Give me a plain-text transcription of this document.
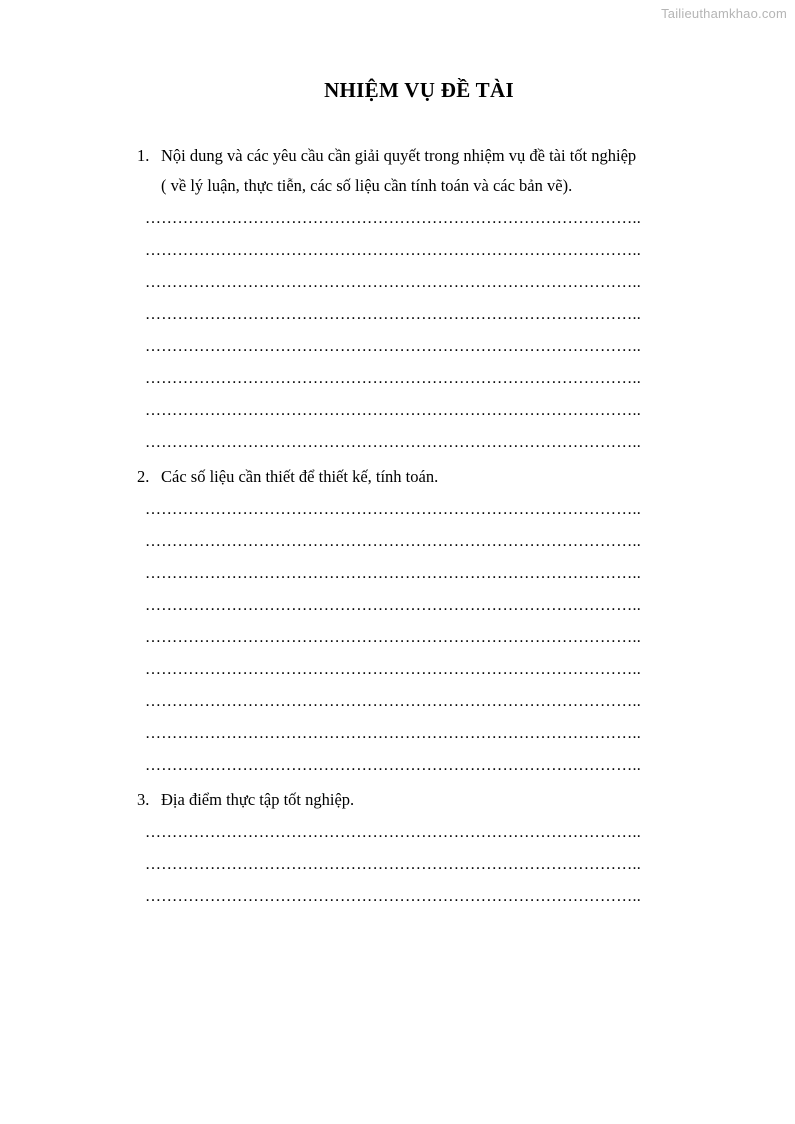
Tailieuthamkhao.com
NHIỆM VỤ ĐỀ TÀI
1. Nội dung và các yêu cầu cần giải quyết trong nhiệm vụ đề tài tốt nghiệp
( về lý luận, thực tiễn, các số liệu cần tính toán và các bản vẽ).
………………………………………………………………………………..
………………………………………………………………………………..
………………………………………………………………………………..
………………………………………………………………………………..
………………………………………………………………………………..
………………………………………………………………………………..
………………………………………………………………………………..
………………………………………………………………………………..
2. Các số liệu cần thiết để thiết kế, tính toán.
………………………………………………………………………………..
………………………………………………………………………………..
………………………………………………………………………………..
………………………………………………………………………………..
………………………………………………………………………………..
………………………………………………………………………………..
………………………………………………………………………………..
………………………………………………………………………………..
………………………………………………………………………………..
3. Địa điểm thực tập tốt nghiệp.
………………………………………………………………………………..
………………………………………………………………………………..
………………………………………………………………………………..
